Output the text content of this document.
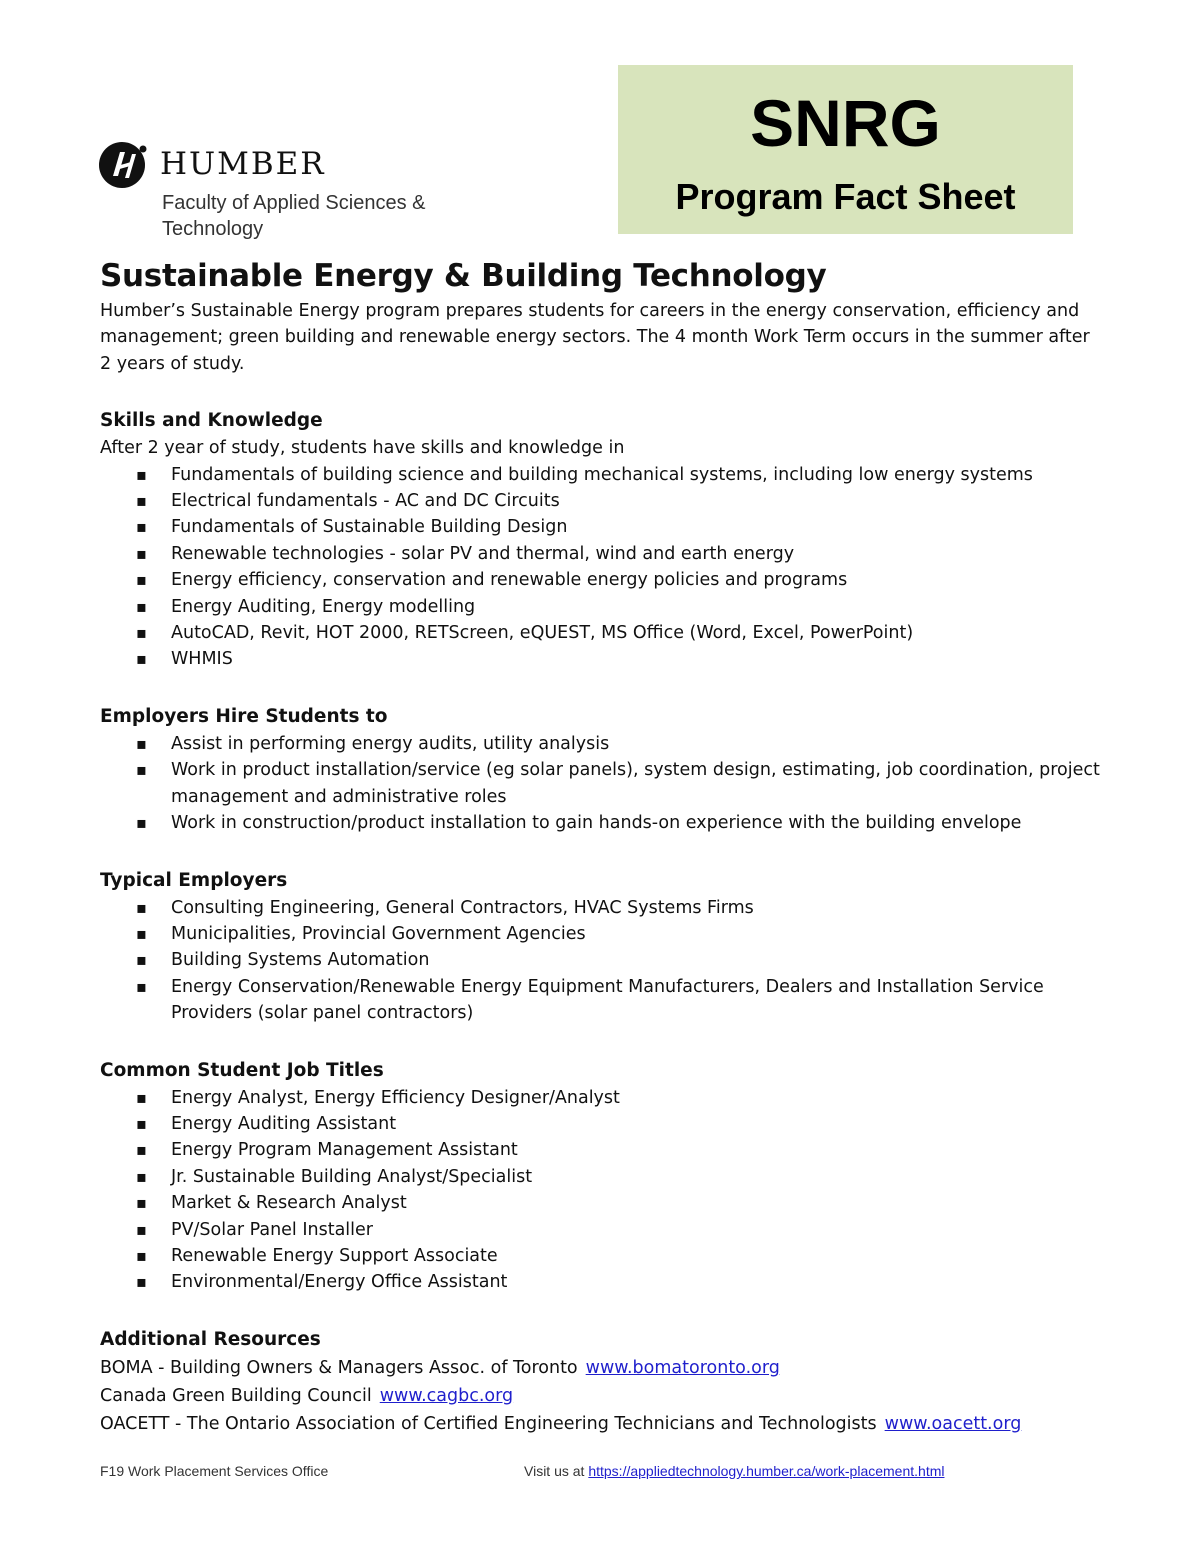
HUMBER
Faculty of Applied Sciences & Technology
SNRG
Program Fact Sheet
Sustainable Energy & Building Technology

Humber’s Sustainable Energy program prepares students for careers in the energy conservation, efficiency and management; green building and renewable energy sectors. The 4 month Work Term occurs in the summer after 2 years of study.

Skills and Knowledge

After 2 year of study, students have skills and knowledge in

▪ Fundamentals of building science and building mechanical systems, including low energy systems
▪ Electrical fundamentals - AC and DC Circuits
▪ Fundamentals of Sustainable Building Design
▪ Renewable technologies - solar PV and thermal, wind and earth energy
▪ Energy efficiency, conservation and renewable energy policies and programs
▪ Energy Auditing, Energy modelling
▪ AutoCAD, Revit, HOT 2000, RETScreen, eQUEST, MS Office (Word, Excel, PowerPoint)
▪ WHMIS
Employers Hire Students to
▪ Assist in performing energy audits, utility analysis
▪ Work in product installation/service (eg solar panels), system design, estimating, job coordination, project management and administrative roles
▪ Work in construction/product installation to gain hands-on experience with the building envelope
Typical Employers
▪ Consulting Engineering, General Contractors, HVAC Systems Firms
▪ Municipalities, Provincial Government Agencies
▪ Building Systems Automation
▪ Energy Conservation/Renewable Energy Equipment Manufacturers, Dealers and Installation Service Providers (solar panel contractors)
Common Student Job Titles
▪ Energy Analyst, Energy Efficiency Designer/Analyst
▪ Energy Auditing Assistant
▪ Energy Program Management Assistant
▪ Jr. Sustainable Building Analyst/Specialist
▪ Market & Research Analyst
▪ PV/Solar Panel Installer
▪ Renewable Energy Support Associate
▪ Environmental/Energy Office Assistant
Additional Resources
BOMA - Building Owners & Managers Assoc. of Toronto www.bomatoronto.org
Canada Green Building Council www.cagbc.org
OACETT - The Ontario Association of Certified Engineering Technicians and Technologists www.oacett.org
F19 Work Placement Services Office	Visit us at https://appliedtechnology.humber.ca/work-placement.html
